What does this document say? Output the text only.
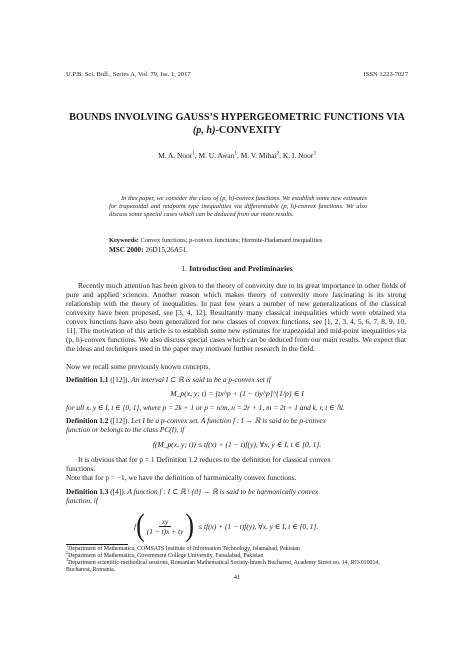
U.P.B. Sci. Bull., Series A, Vol. 79, Iss. 1, 2017	ISSN 1223-7027
BOUNDS INVOLVING GAUSS’S HYPERGEOMETRIC FUNCTIONS VIA
(p, h)-CONVEXITY
M. A. Noor$^1$, M. U. Awan$^1$, M. V. Mihai$^2$, K. I. Noor$^3$
In this paper, we consider the class of (p, h)-convex functions. We establish some new estimates for trapezoidal and midpoint type inequalities via differentiable (p, h)-convex functions. We also discuss some special cases which can be deduced from our main results.
Keywords: Convex functions; p-convex functions; Hermite-Hadamard inequalities
MSC 2000: 26D15,26A51.
1. Introduction and Preliminaries
Recently much attention has been given to the theory of convexity due to its great importance in other fields of pure and applied sciences. Another reason which makes theory of convexity more fascinating is its strong relationship with the theory of inequalities. In past few years a number of new generalizations of the classical convexity have been proposed, see [3, 4, 12]. Resultantly many classical inequalities which were obtained via convex functions have also been generalized for new classes of convex functions, see [1, 2, 3, 4, 5, 6, 7, 8, 9, 10, 11]. The motivation of this article is to establish some new estimates for trapezoidal and mid-point inequalities via (p, h)-convex functions. We also discuss special cases which can be deduced from our main results. We expect that the ideas and techniques used in the paper may motivate further research in the field.
Now we recall some previously known concepts.
Definition 1.1 ([12]). An interval I ⊂ ℝ is said to be a p-convex set if
M_p(x, y; t) = [tx^p + (1 − t)y^p]^{1/p} ∈ I
for all x, y ∈ I, t ∈ [0, 1], where p = 2k + 1 or p = n/m, n = 2r + 1, m = 2t + 1 and k, r, t ∈ ℕ.
Definition 1.2 ([12]). Let I be a p-convex set. A function f : I → ℝ is said to be p-convex
function or belongs to the class PC(I), if
f(M_p(x, y; t)) ≤ tf(x) + (1 − t)f(y), ∀x, y ∈ I, t ∈ [0, 1].
It is obvious that for p = 1 Definition 1.2 reduces to the definition for classical convex
functions.
Note that for p = −1, we have the definition of harmonically convex functions.
Definition 1.3 ([4]). A function f : I ⊂ ℝ \ {0} → ℝ is said to be harmonically convex
function, if
f ( $\frac{xy}{(1 - t)x + ty}$ ) ≤ tf(x) + (1 − t)f(y), ∀x, y ∈ I, t ∈ [0, 1].
$^1$Department of Mathematics, COMSATS Institute of Information Technology, Islamabad, Pakistan
$^2$Department of Mathematics, Government College University, Faisalabad, Pakistan
$^3$Department scientific-methodical sessions, Romanian Mathematical Society-branch Bucharest, Academy Street no. 14, RO-010014, Bucharest, Romania.
41
